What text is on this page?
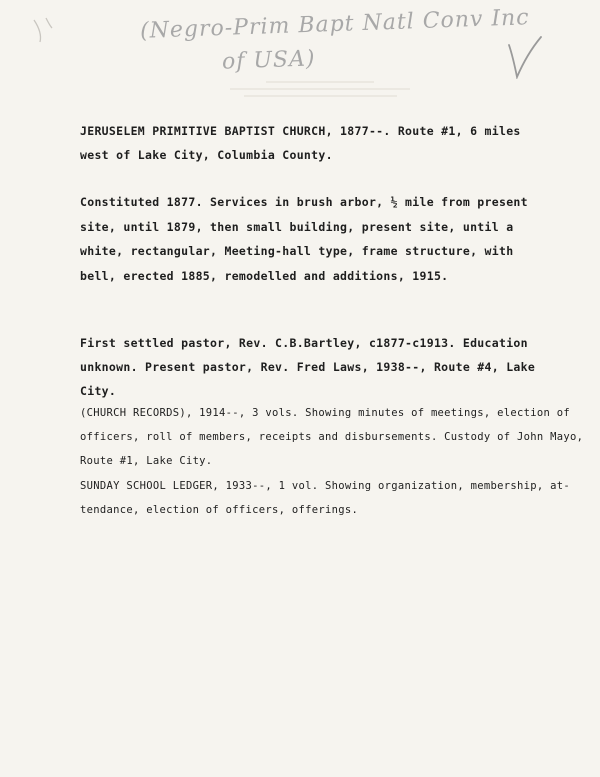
(Negro-Prim Bapt Natl Conv Inc
of USA)
JERUSELEM PRIMITIVE BAPTIST CHURCH, 1877--. Route #1, 6 miles
west of Lake City, Columbia County.
Constituted 1877. Services in brush arbor, ½ mile from present
site, until 1879, then small building, present site, until a
white, rectangular, Meeting-hall type, frame structure, with
bell, erected 1885, remodelled and additions, 1915.
First settled pastor, Rev. C.B.Bartley, c1877-c1913. Education
unknown. Present pastor, Rev. Fred Laws, 1938--, Route #4, Lake
City.
(CHURCH RECORDS), 1914--, 3 vols. Showing minutes of meetings, election of
officers, roll of members, receipts and disbursements. Custody of John Mayo,
Route #1, Lake City.
SUNDAY SCHOOL LEDGER, 1933--, 1 vol. Showing organization, membership, at-
tendance, election of officers, offerings.
